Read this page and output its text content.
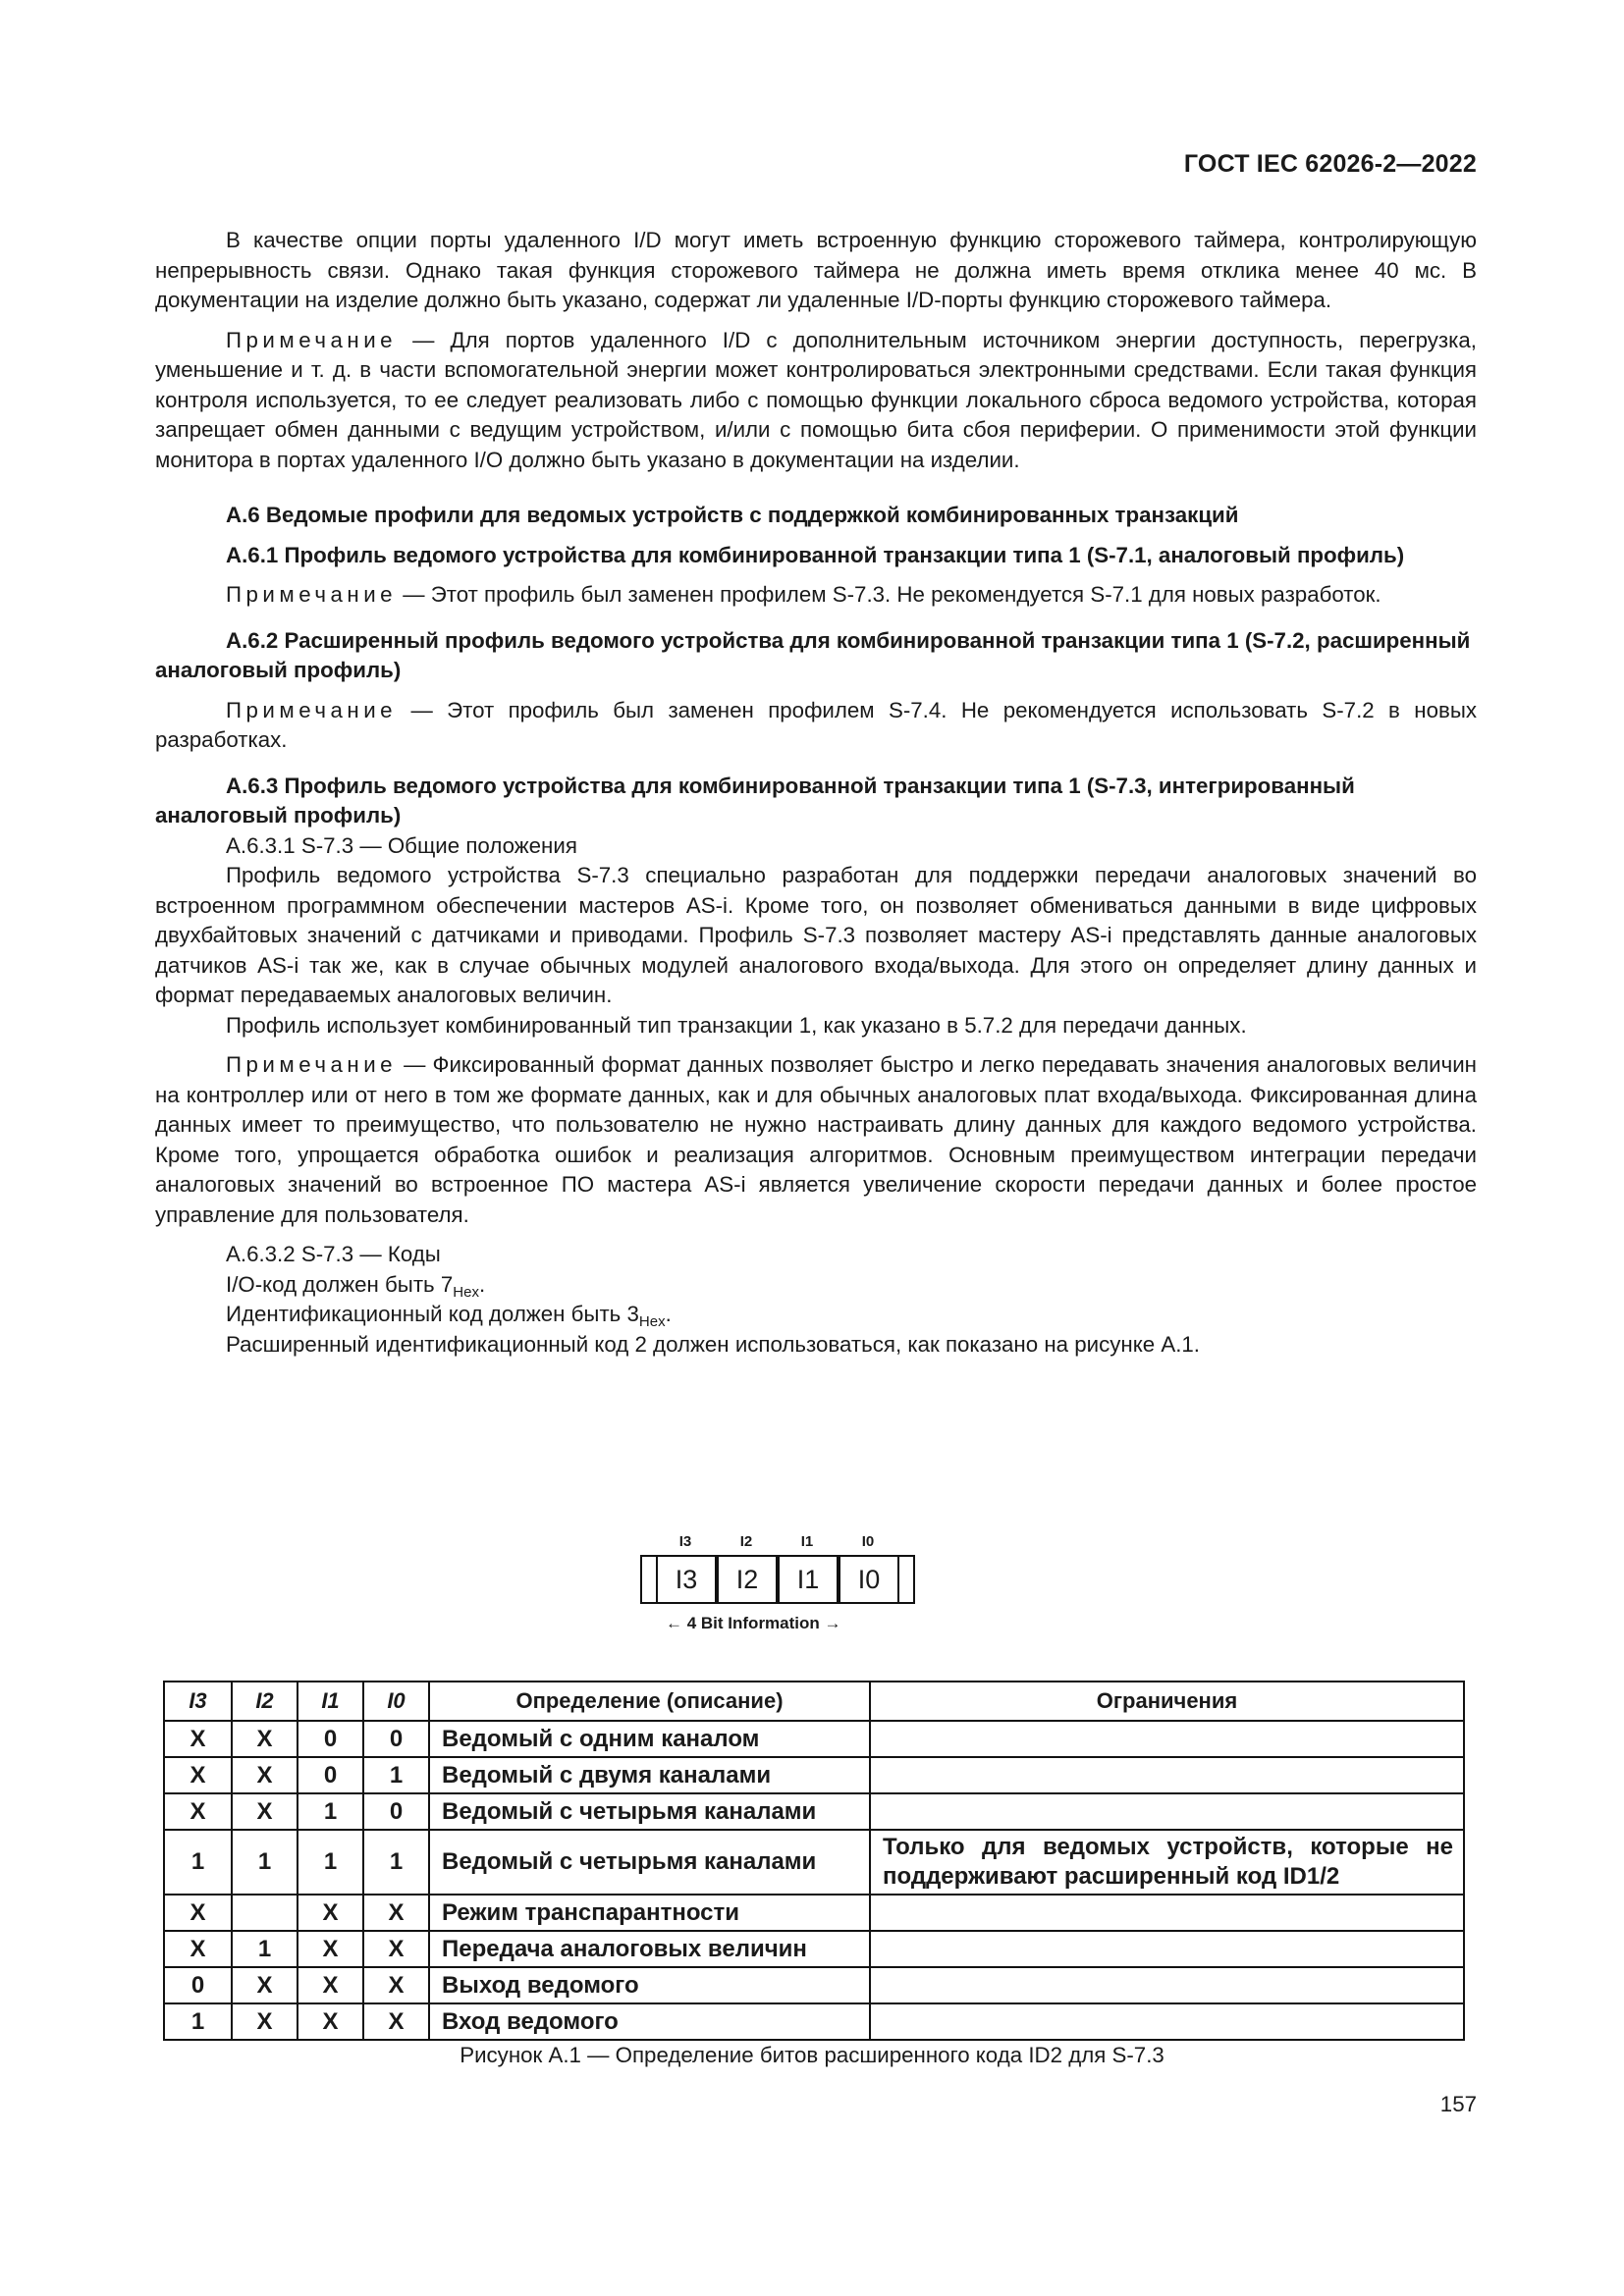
ГОСТ IEC 62026-2—2022

В качестве опции порты удаленного I/D могут иметь встроенную функцию сторожевого таймера, контролирующую непрерывность связи. Однако такая функция сторожевого таймера не должна иметь время отклика менее 40 мс. В документации на изделие должно быть указано, содержат ли удаленные I/D-порты функцию сторожевого таймера.

Примечание — Для портов удаленного I/D с дополнительным источником энергии доступность, перегрузка, уменьшение и т. д. в части вспомогательной энергии может контролироваться электронными средствами. Если такая функция контроля используется, то ее следует реализовать либо с помощью функции локального сброса ведомого устройства, которая запрещает обмен данными с ведущим устройством, и/или с помощью бита сбоя периферии. О применимости этой функции монитора в портах удаленного I/O должно быть указано в документации на изделии.

А.6 Ведомые профили для ведомых устройств с поддержкой комбинированных транзакций

А.6.1 Профиль ведомого устройства для комбинированной транзакции типа 1 (S-7.1, аналоговый профиль)

Примечание — Этот профиль был заменен профилем S-7.3. Не рекомендуется S-7.1 для новых разработок.

А.6.2 Расширенный профиль ведомого устройства для комбинированной транзакции типа 1 (S-7.2, расширенный аналоговый профиль)

Примечание — Этот профиль был заменен профилем S-7.4. Не рекомендуется использовать S-7.2 в новых разработках.

А.6.3 Профиль ведомого устройства для комбинированной транзакции типа 1 (S-7.3, интегрированный аналоговый профиль)

А.6.3.1 S-7.3 — Общие положения

Профиль ведомого устройства S-7.3 специально разработан для поддержки передачи аналоговых значений во встроенном программном обеспечении мастеров AS-i. Кроме того, он позволяет обмениваться данными в виде цифровых двухбайтовых значений с датчиками и приводами. Профиль S-7.3 позволяет мастеру AS-i представлять данные аналоговых датчиков AS-i так же, как в случае обычных модулей аналогового входа/выхода. Для этого он определяет длину данных и формат передаваемых аналоговых величин.

Профиль использует комбинированный тип транзакции 1, как указано в 5.7.2 для передачи данных.

Примечание — Фиксированный формат данных позволяет быстро и легко передавать значения аналоговых величин на контроллер или от него в том же формате данных, как и для обычных аналоговых плат входа/выхода. Фиксированная длина данных имеет то преимущество, что пользователю не нужно настраивать длину данных для каждого ведомого устройства. Кроме того, упрощается обработка ошибок и реализация алгоритмов. Основным преимуществом интеграции передачи аналоговых значений во встроенное ПО мастера AS-i является увеличение скорости передачи данных и более простое управление для пользователя.

А.6.3.2 S-7.3 — Коды

I/O-код должен быть $7_{Hex}$.

Идентификационный код должен быть $3_{Hex}$.

Расширенный идентификационный код 2 должен использоваться, как показано на рисунке А.1.

I3	I2	I1	I0
I3	I2	I1	I0
← 4 Bit Information →
I3	I2	I1	I0	Определение (описание)	Ограничения
X	X	0	0	Ведомый с одним каналом	
X	X	0	1	Ведомый с двумя каналами	
X	X	1	0	Ведомый с четырьмя каналами	
1	1	1	1	Ведомый с четырьмя каналами	Только для ведомых устройств, которые не поддерживают расширенный код ID1/2
X		X	X	Режим транспарантности	
X	1	X	X	Передача аналоговых величин	
0	X	X	X	Выход ведомого	
1	X	X	X	Вход ведомого	
Рисунок А.1 — Определение битов расширенного кода ID2 для S-7.3
157
